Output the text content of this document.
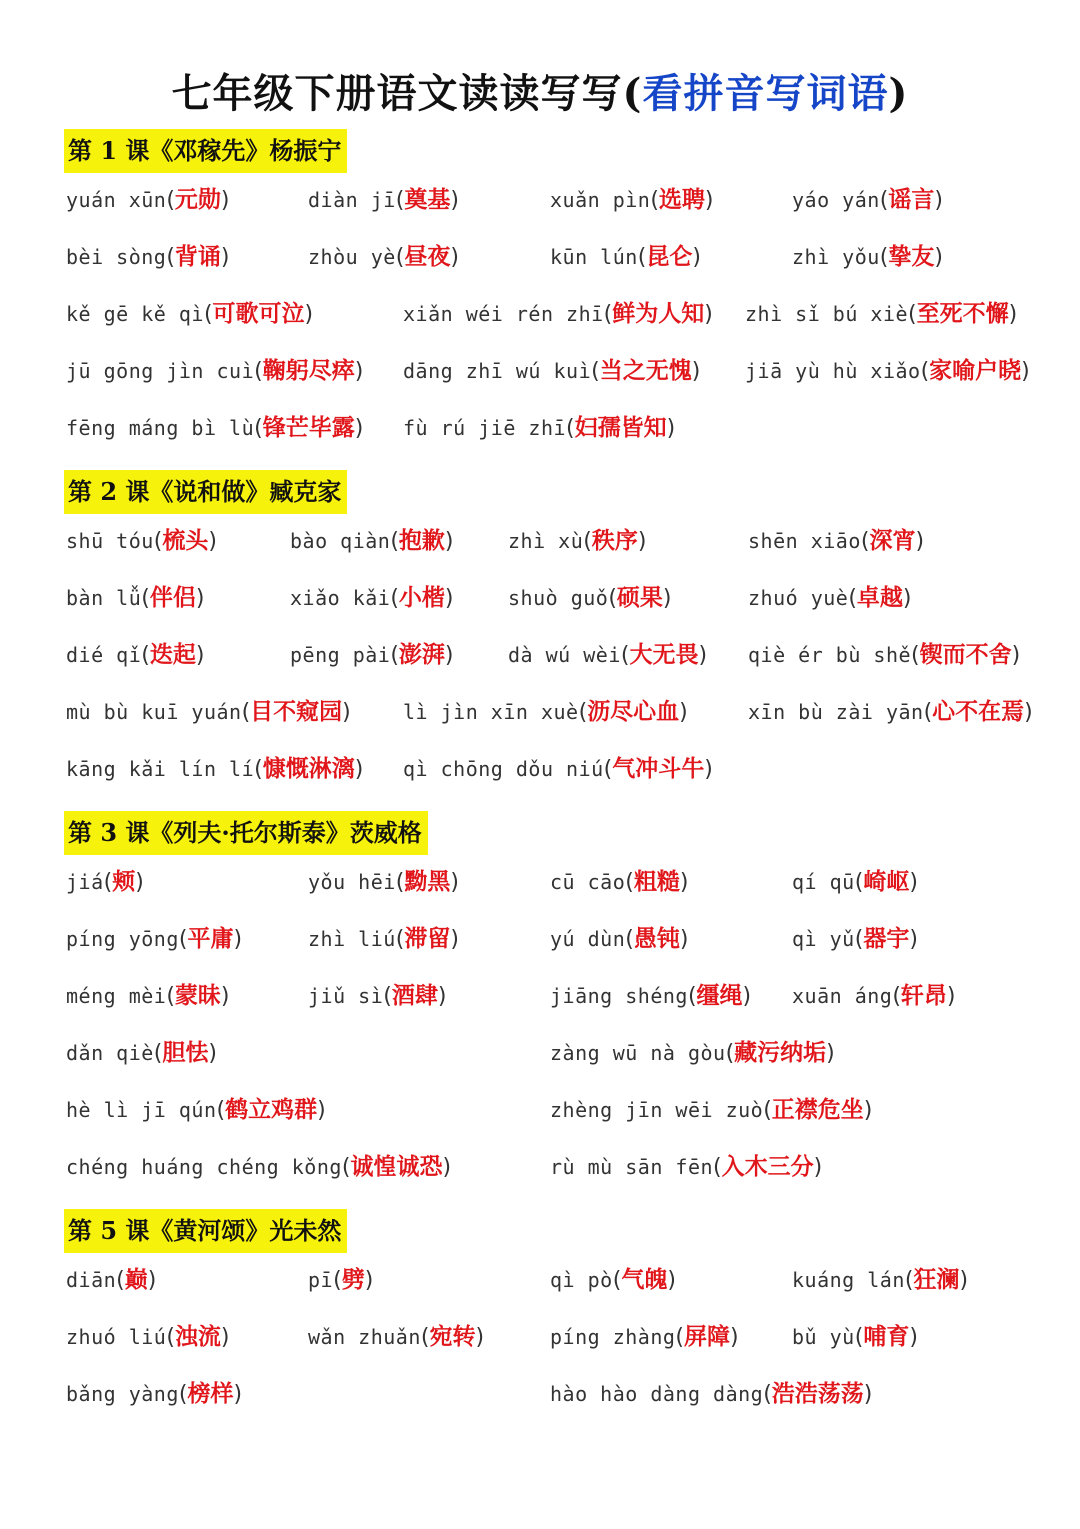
七年级下册语文读读写写(看拼音写词语)
第 1 课《邓稼先》杨振宁
yuán xūn(元勋)	diàn jī(奠基)	xuǎn pìn(选聘)	yáo yán(谣言)
bèi sòng(背诵)	zhòu yè(昼夜)	kūn lún(昆仑)	zhì yǒu(挚友)
kě gē kě qì(可歌可泣)	xiǎn wéi rén zhī(鲜为人知) zhì sǐ bú xiè(至死不懈)
jū gōng jìn cuì(鞠躬尽瘁) dāng zhī wú kuì(当之无愧) jiā yù hù xiǎo(家喻户晓)
fēng máng bì lù(锋芒毕露) fù rú jiē zhī(妇孺皆知)
第 2 课《说和做》臧克家
shū tóu(梳头)	bào qiàn(抱歉)	zhì xù(秩序)	shēn xiāo(深宵)
bàn lǚ(伴侣)	xiǎo kǎi(小楷)	shuò guǒ(硕果)	zhuó yuè(卓越)
dié qǐ(迭起)	pēng pài(澎湃)	dà wú wèi(大无畏) qiè ér bù shě(锲而不舍)
mù bù kuī yuán(目不窥园)	lì jìn xīn xuè(沥尽心血)	xīn bù zài yān(心不在焉)
kāng kǎi lín lí(慷慨淋漓) qì chōng dǒu niú(气冲斗牛)
第 3 课《列夫·托尔斯泰》茨威格
jiá(颊)	yǒu hēi(黝黑)	cū cāo(粗糙)	qí qū(崎岖)
píng yōng(平庸)	zhì liú(滞留)	yú dùn(愚钝)	qì yǔ(器宇)
méng mèi(蒙昧)	jiǔ sì(酒肆)	jiāng shéng(缰绳) xuān áng(轩昂)
dǎn qiè(胆怯)	zàng wū nà gòu(藏污纳垢)
hè lì jī qún(鹤立鸡群)	zhèng jīn wēi zuò(正襟危坐)
chéng huáng chéng kǒng(诚惶诚恐)	rù mù sān fēn(入木三分)
第 5 课《黄河颂》光未然
diān(巅)	pī(劈)	qì pò(气魄)	kuáng lán(狂澜)
zhuó liú(浊流)	wǎn zhuǎn(宛转)	píng zhàng(屏障)	bǔ yù(哺育)
bǎng yàng(榜样)	hào hào dàng dàng(浩浩荡荡)
